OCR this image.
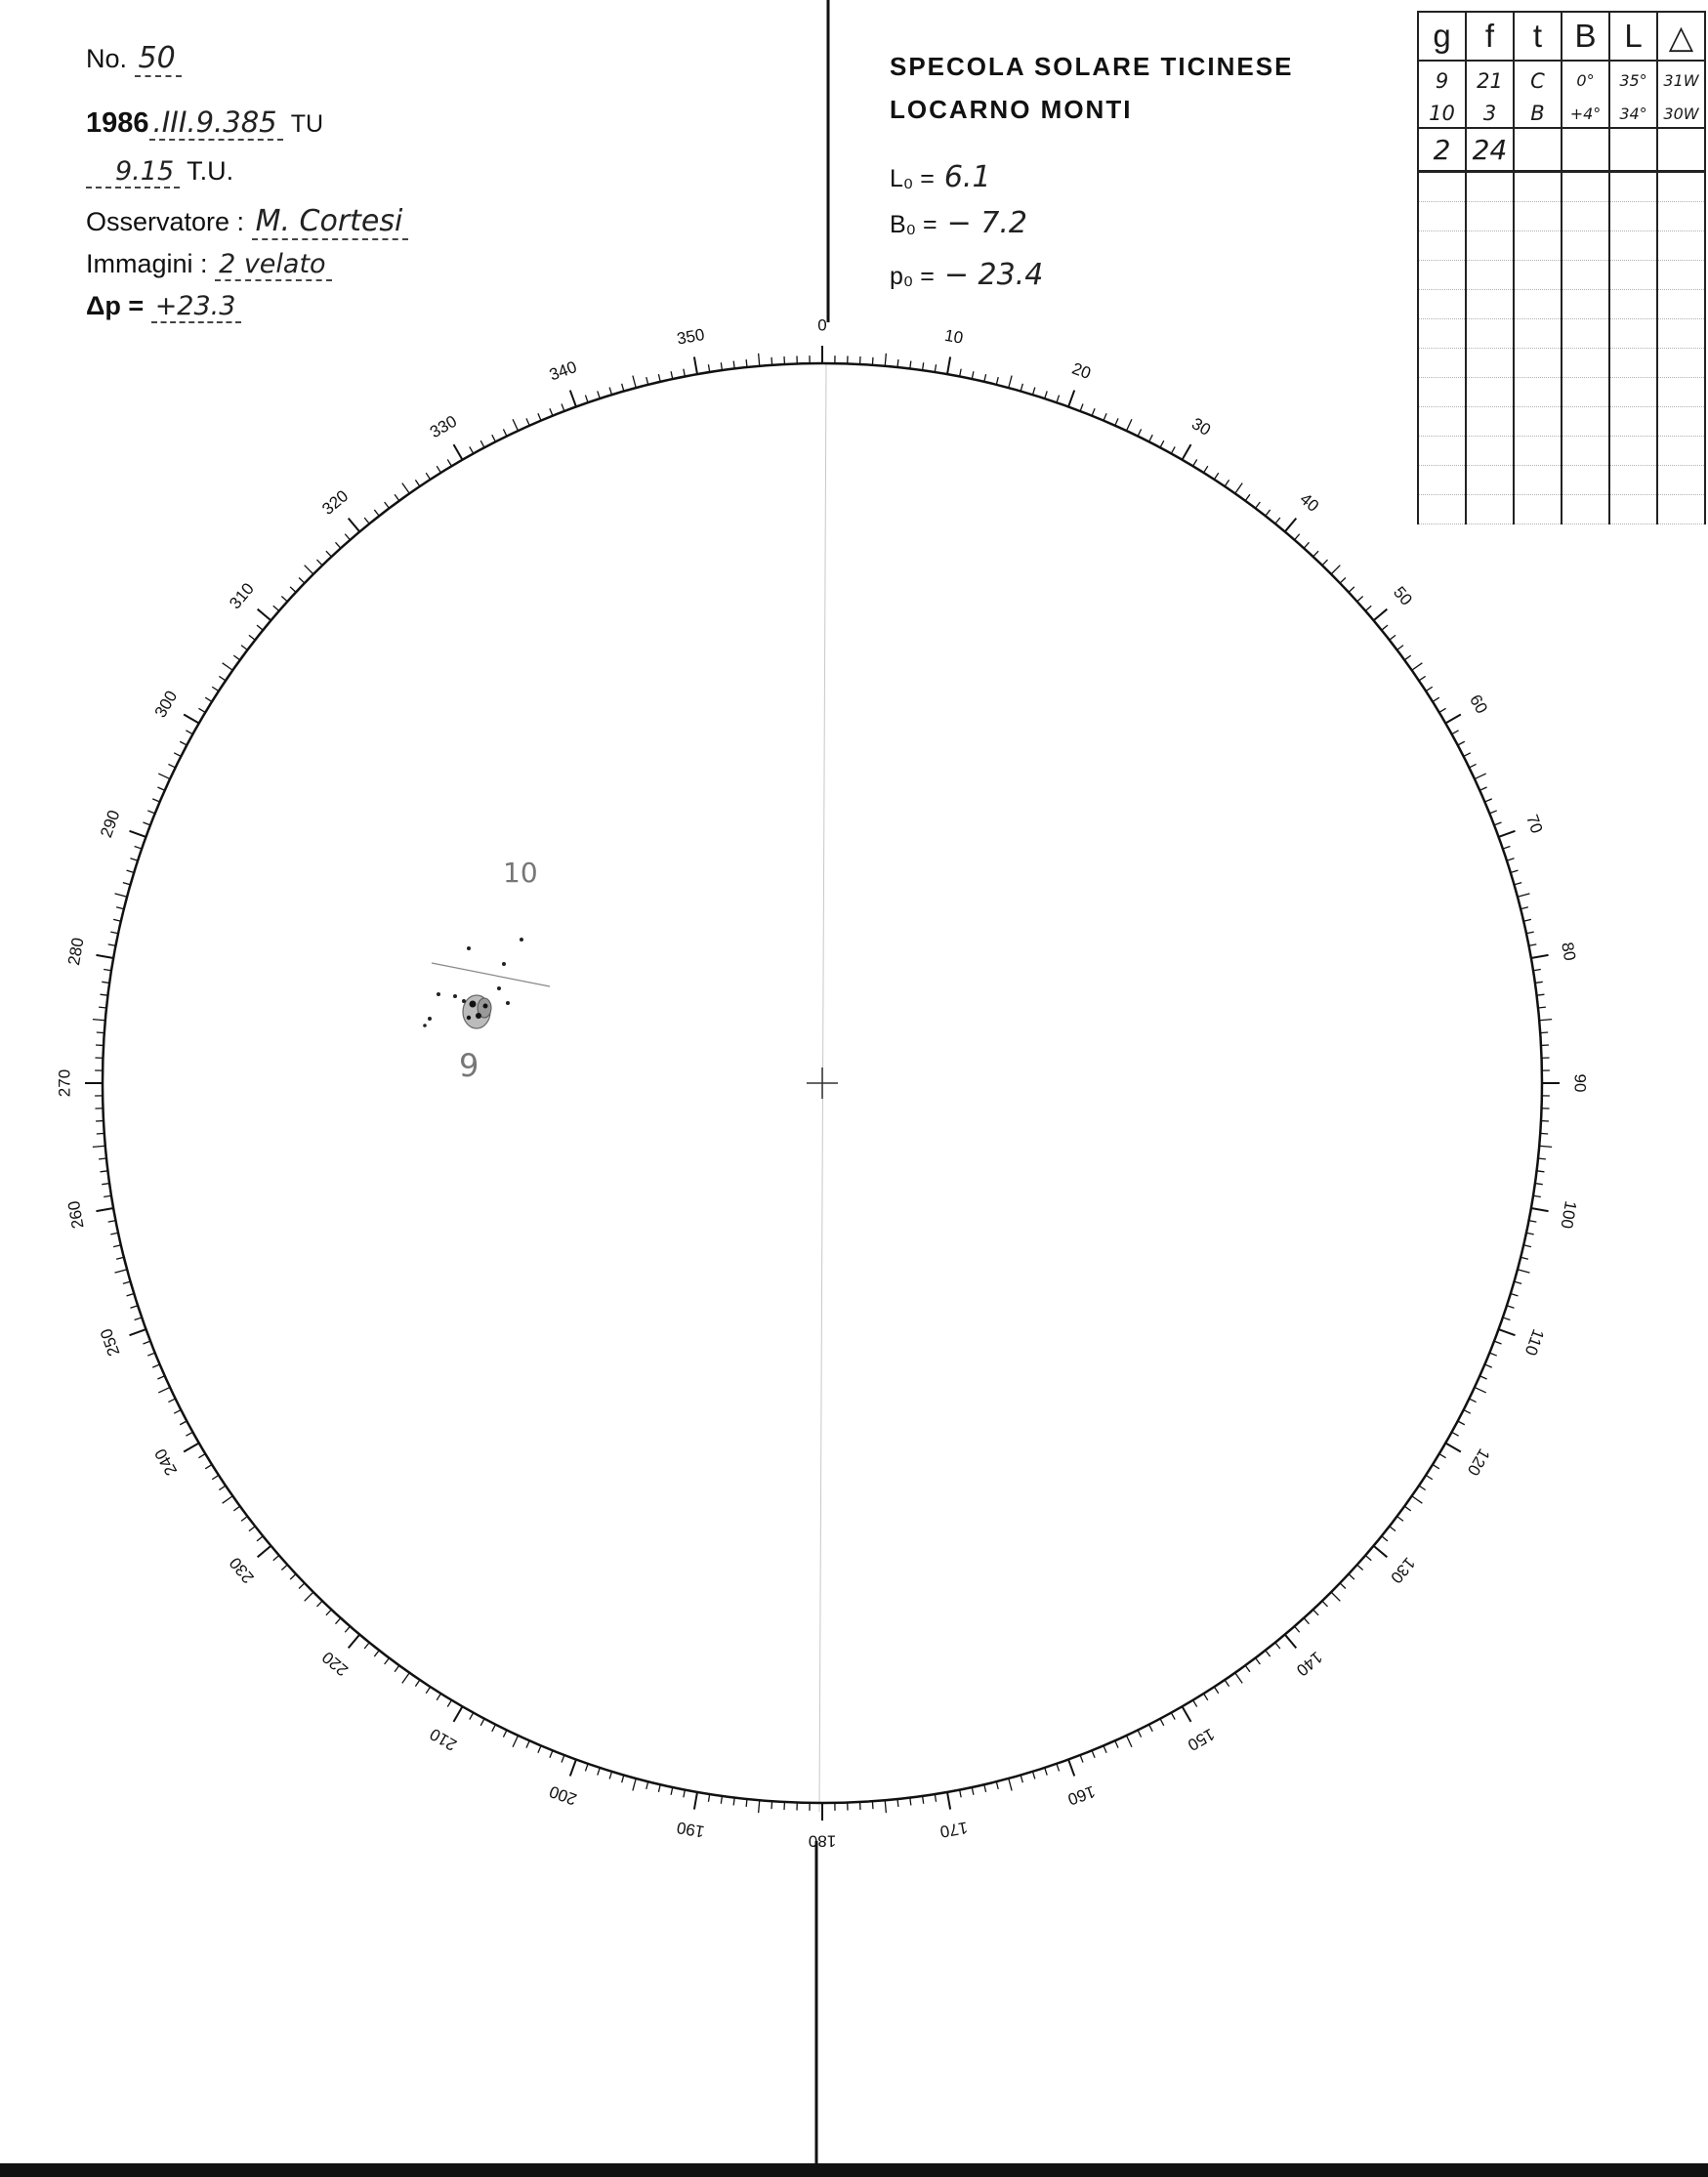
No. 50
1986 .III.9.385 TU
9.15 T.U.
Osservatore : M. Cortesi
Immagini : 2 velato
Δp = +23.3
SPECOLA SOLARE TICINESE
LOCARNO MONTI
L₀ = 6.1
B₀ = − 7.2
p₀ = − 23.4
g	f	t	B	L	△
9	21	C	0°	35°	31W
10	3	B	+4°	34°	30W
2	24				

0
10
20
30
40
50
60
70
80
90
100
110
120
130
140
150
160
170
180
190
200
210
220
230
240
250
260
270
280
290
300
310
320
330
340
350
10
9
